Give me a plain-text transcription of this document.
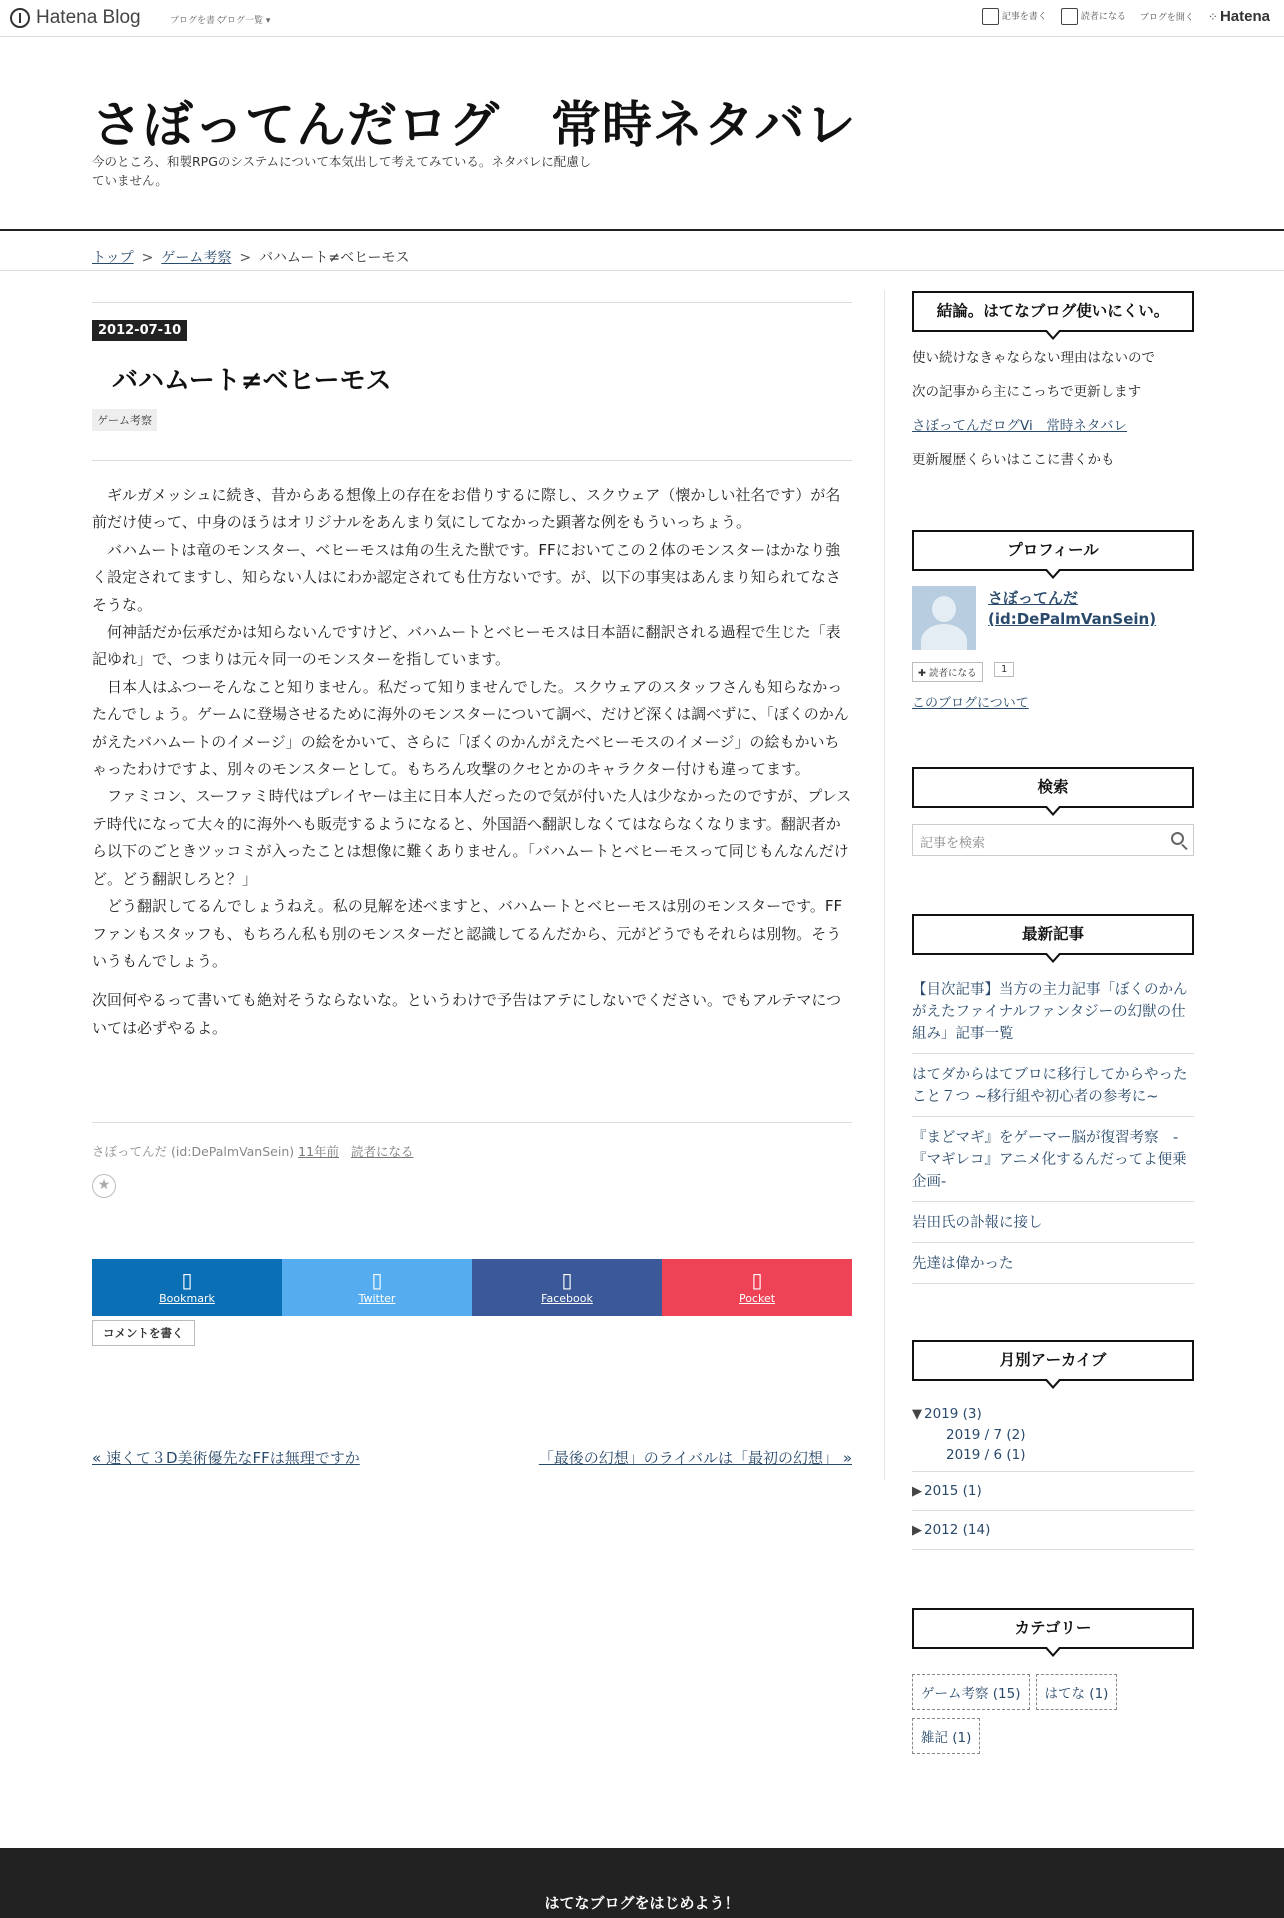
Hatena Blog	ブログを書く
ブログ一覧 ▾	記事を書く	読者になる ブログを開く ⁘ Hatena
さぼってんだログ　常時ネタバレ
今のところ、和製RPGのシステムについて本気出して考えてみている。ネタバレに配慮していません。
トップ > ゲーム考察 > バハムート≠ベヒーモス
2012-07-10
バハムート≠ベヒーモス
ゲーム考察

　ギルガメッシュに続き、昔からある想像上の存在をお借りするに際し、スクウェア（懐かしい社名です）が名前だけ使って、中身のほうはオリジナルをあんまり気にしてなかった顕著な例をもういっちょう。

　バハムートは竜のモンスター、ベヒーモスは角の生えた獣です。FFにおいてこの２体のモンスターはかなり強く設定されてますし、知らない人はにわか認定されても仕方ないです。が、以下の事実はあんまり知られてなさそうな。

　何神話だか伝承だかは知らないんですけど、バハムートとベヒーモスは日本語に翻訳される過程で生じた「表記ゆれ」で、つまりは元々同一のモンスターを指しています。

　日本人はふつーそんなこと知りません。私だって知りませんでした。スクウェアのスタッフさんも知らなかったんでしょう。ゲームに登場させるために海外のモンスターについて調べ、だけど深くは調べずに、「ぼくのかんがえたバハムートのイメージ」の絵をかいて、さらに「ぼくのかんがえたベヒーモスのイメージ」の絵もかいちゃったわけですよ、別々のモンスターとして。もちろん攻撃のクセとかのキャラクター付けも違ってます。

　ファミコン、スーファミ時代はプレイヤーは主に日本人だったので気が付いた人は少なかったのですが、プレステ時代になって大々的に海外へも販売するようになると、外国語へ翻訳しなくてはならなくなります。翻訳者から以下のごときツッコミが入ったことは想像に難くありません。「バハムートとベヒーモスって同じもんなんだけど。どう翻訳しろと？」

　どう翻訳してるんでしょうねえ。私の見解を述べますと、バハムートとベヒーモスは別のモンスターです。FFファンもスタッフも、もちろん私も別のモンスターだと認識してるんだから、元がどうでもそれらは別物。そういうもんでしょう。

次回何やるって書いても絶対そうならないな。というわけで予告はアテにしないでください。でもアルテマについては必ずやるよ。

さぼってんだ (id:DePalmVanSein) 11年前 読者になる
★
▯
Bookmark
▯
Twitter
▯
Facebook
▯
Pocket
コメントを書く
« 速くて３D美術優先なFFは無理ですか	「最後の幻想」のライバルは「最初の幻想」 »
結論。はてなブログ使いにくい。
使い続けなきゃならない理由はないので
次の記事から主にこっちで更新します
さぼってんだログVi　常時ネタバレ
更新履歴くらいはここに書くかも
プロフィール
さぼってんだ
(id:DePalmVanSein)
✚ 読者になる	1
このブログについて
検索
記事を検索
最新記事
【目次記事】当方の主力記事「ぼくのかんがえたファイナルファンタジーの幻獣の仕組み」記事一覧
はてダからはてブロに移行してからやったこと７つ ~移行組や初心者の参考に~
『まどマギ』をゲーマー脳が復習考察　-『マギレコ』アニメ化するんだってよ便乗企画-
岩田氏の訃報に接し
先達は偉かった
月別アーカイブ
▼ 2019 (3)
2019 / 7 (2)
2019 / 6 (1)
▶ 2015 (1)
▶ 2012 (14)
カテゴリー
ゲーム考察 (15) はてな (1)
雑記 (1)
はてなブログをはじめよう！
